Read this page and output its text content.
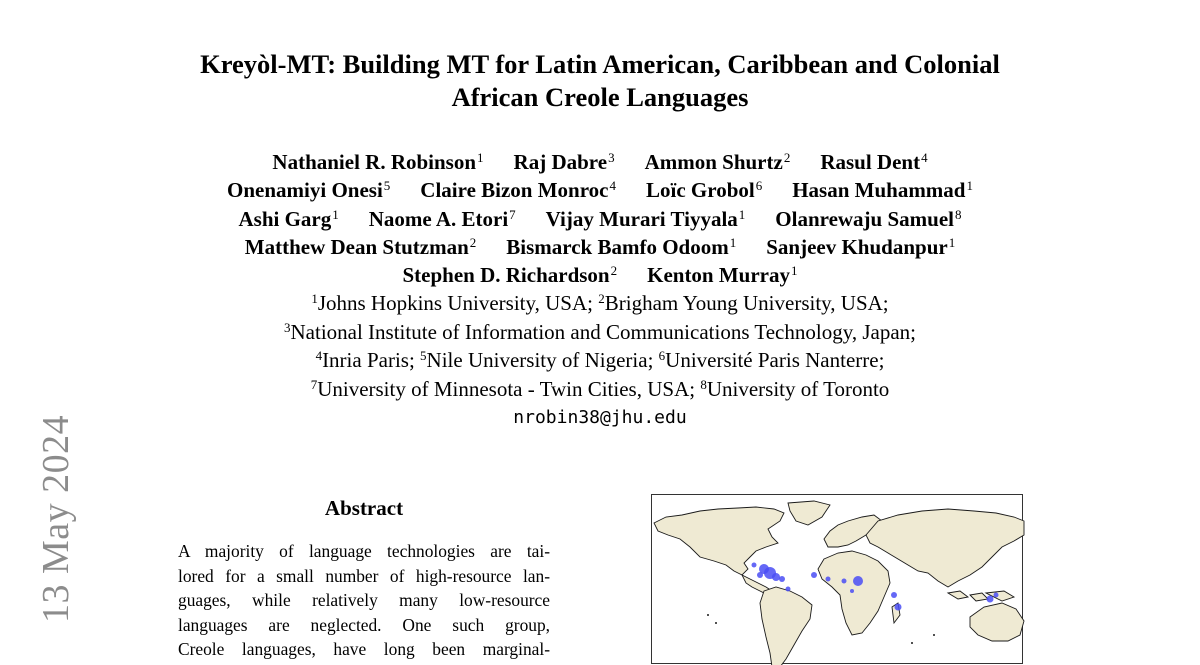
13 May 2024
Kreyòl-MT: Building MT for Latin American, Caribbean and Colonial
African Creole Languages
Nathaniel R. Robinson$^1$ Raj Dabre$^3$ Ammon Shurtz$^2$ Rasul Dent$^4$
Onenamiyi Onesi$^5$ Claire Bizon Monroc$^4$ Loïc Grobol$^6$ Hasan Muhammad$^1$
Ashi Garg$^1$ Naome A. Etori$^7$ Vijay Murari Tiyyala$^1$ Olanrewaju Samuel$^8$
Matthew Dean Stutzman$^2$ Bismarck Bamfo Odoom$^1$ Sanjeev Khudanpur$^1$
Stephen D. Richardson$^2$ Kenton Murray$^1$
$^1$Johns Hopkins University, USA; $^2$Brigham Young University, USA;
$^3$National Institute of Information and Communications Technology, Japan;
$^4$Inria Paris; $^5$Nile University of Nigeria; $^6$Université Paris Nanterre;
$^7$University of Minnesota - Twin Cities, USA; $^8$University of Toronto
nrobin38@jhu.edu
Abstract
A majority of language technologies are tai-
lored for a small number of high-resource lan-
guages, while relatively many low-resource
languages are neglected. One such group,
Creole languages, have long been marginal-
